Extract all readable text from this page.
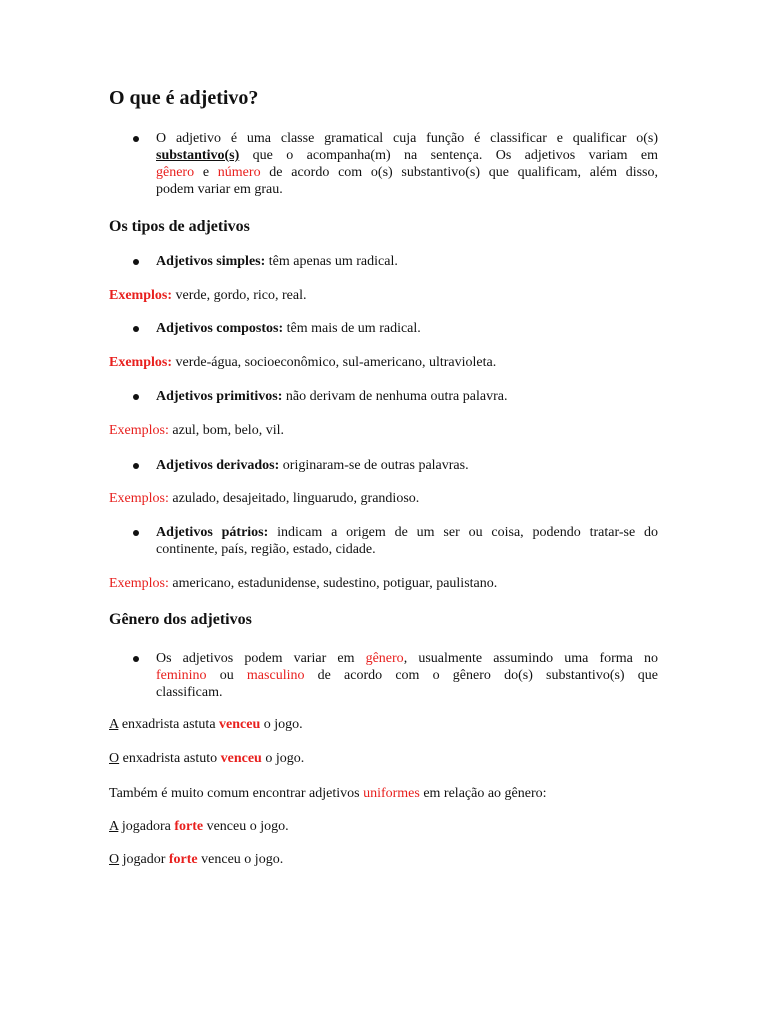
O que é adjetivo?
O adjetivo é uma classe gramatical cuja função é classificar e qualificar o(s)
substantivo(s) que o acompanha(m) na sentença. Os adjetivos variam em
gênero e número de acordo com o(s) substantivo(s) que qualificam, além disso,
podem variar em grau.
Os tipos de adjetivos
Adjetivos simples: têm apenas um radical.
Exemplos: verde, gordo, rico, real.
Adjetivos compostos: têm mais de um radical.
Exemplos: verde-água, socioeconômico, sul-americano, ultravioleta.
Adjetivos primitivos: não derivam de nenhuma outra palavra.
Exemplos: azul, bom, belo, vil.
Adjetivos derivados: originaram-se de outras palavras.
Exemplos: azulado, desajeitado, linguarudo, grandioso.
Adjetivos pátrios: indicam a origem de um ser ou coisa, podendo tratar-se do
continente, país, região, estado, cidade.
Exemplos: americano, estadunidense, sudestino, potiguar, paulistano.
Gênero dos adjetivos
Os adjetivos podem variar em gênero, usualmente assumindo uma forma no
feminino ou masculino de acordo com o gênero do(s) substantivo(s) que
classificam.
A enxadrista astuta venceu o jogo.
O enxadrista astuto venceu o jogo.
Também é muito comum encontrar adjetivos uniformes em relação ao gênero:
A jogadora forte venceu o jogo.
O jogador forte venceu o jogo.
